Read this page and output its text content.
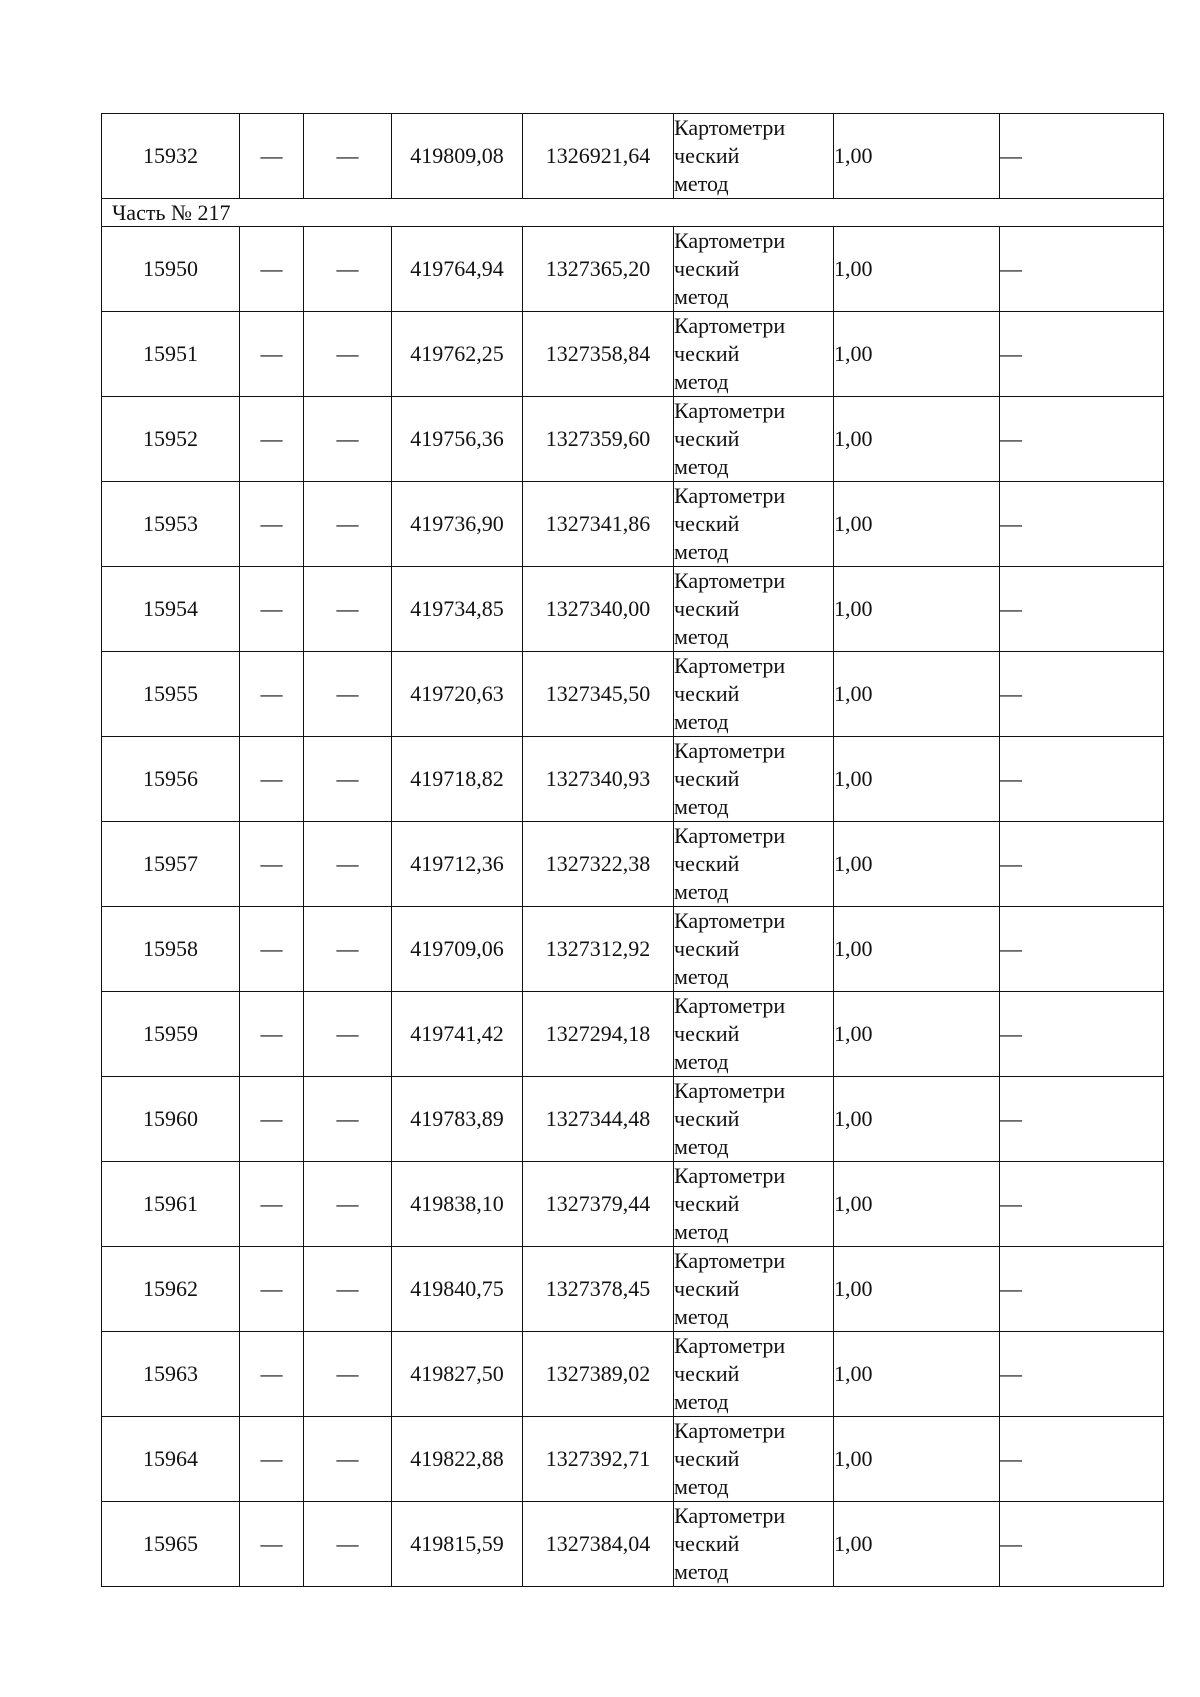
15932	—	—	419809,08	1326921,64	Картометри
ческий
метод	1,00	—
Часть № 217							
15950	—	—	419764,94	1327365,20	Картометри
ческий
метод	1,00	—
15951	—	—	419762,25	1327358,84	Картометри
ческий
метод	1,00	—
15952	—	—	419756,36	1327359,60	Картометри
ческий
метод	1,00	—
15953	—	—	419736,90	1327341,86	Картометри
ческий
метод	1,00	—
15954	—	—	419734,85	1327340,00	Картометри
ческий
метод	1,00	—
15955	—	—	419720,63	1327345,50	Картометри
ческий
метод	1,00	—
15956	—	—	419718,82	1327340,93	Картометри
ческий
метод	1,00	—
15957	—	—	419712,36	1327322,38	Картометри
ческий
метод	1,00	—
15958	—	—	419709,06	1327312,92	Картометри
ческий
метод	1,00	—
15959	—	—	419741,42	1327294,18	Картометри
ческий
метод	1,00	—
15960	—	—	419783,89	1327344,48	Картометри
ческий
метод	1,00	—
15961	—	—	419838,10	1327379,44	Картометри
ческий
метод	1,00	—
15962	—	—	419840,75	1327378,45	Картометри
ческий
метод	1,00	—
15963	—	—	419827,50	1327389,02	Картометри
ческий
метод	1,00	—
15964	—	—	419822,88	1327392,71	Картометри
ческий
метод	1,00	—
15965	—	—	419815,59	1327384,04	Картометри
ческий
метод	1,00	—
